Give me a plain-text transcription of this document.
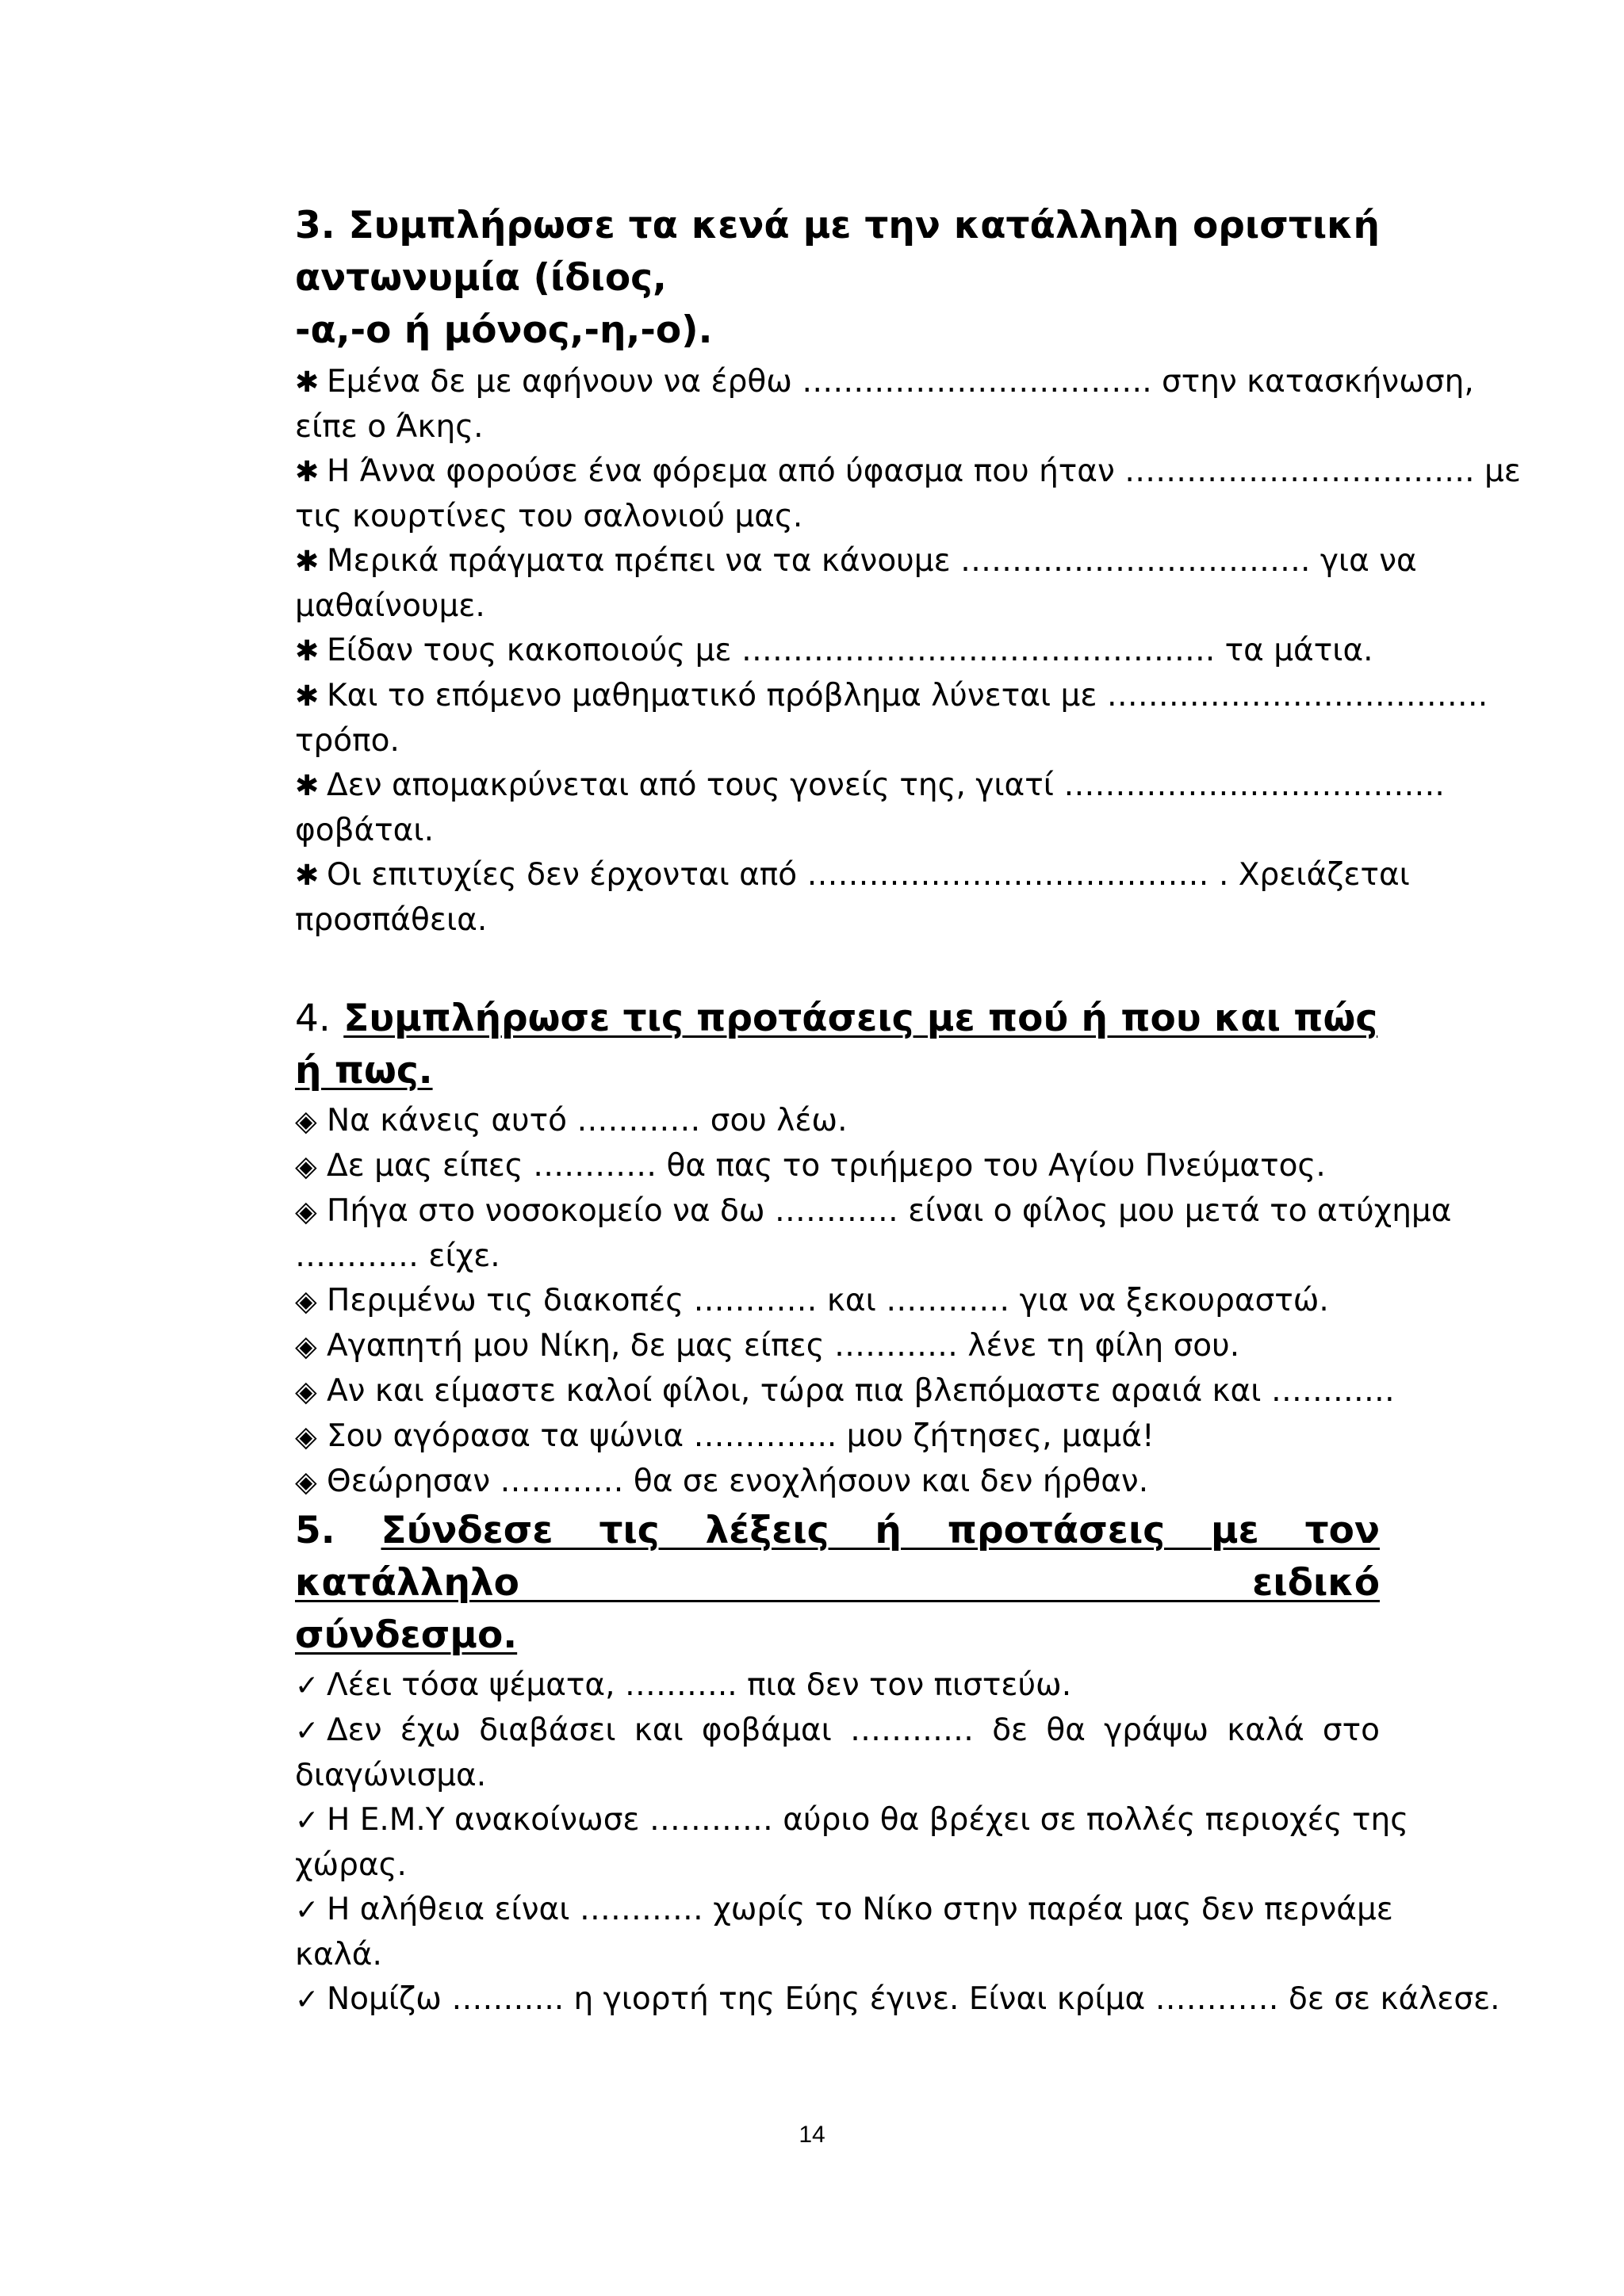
3. Συμπλήρωσε τα κενά με την κατάλληλη οριστική

αντωνυμία (ίδιος,

-α,-ο ή μόνος,-η,-ο).

✱ Εμένα δε με αφήνουν να έρθω ……………………………. στην κατασκήνωση,

είπε ο Άκης.

✱ Η Άννα φορούσε ένα φόρεμα από ύφασμα που ήταν ……………………………. με

τις κουρτίνες του σαλονιού μας.

✱ Μερικά πράγματα πρέπει να τα κάνουμε ……………………………. για να

μαθαίνουμε.

✱ Είδαν τους κακοποιούς με ………………………………………. τα μάτια.

✱ Και το επόμενο μαθηματικό πρόβλημα λύνεται με ……………………………….

τρόπο.

✱ Δεν απομακρύνεται από τους γονείς της, γιατί ……………………………….

φοβάται.

✱ Οι επιτυχίες δεν έρχονται από ………………………………… . Χρειάζεται

προσπάθεια.

4. Συμπλήρωσε τις προτάσεις με πού ή που και πώς ή πως.

◈ Να κάνεις αυτό ………… σου λέω.

◈ Δε μας είπες ………… θα πας το τριήμερο του Αγίου Πνεύματος.

◈ Πήγα στο νοσοκομείο να δω ………… είναι ο φίλος μου μετά το ατύχημα

………… είχε.

◈ Περιμένω τις διακοπές ………… και ………… για να ξεκουραστώ.

◈ Αγαπητή μου Νίκη, δε μας είπες ………… λένε τη φίλη σου.

◈ Αν και είμαστε καλοί φίλοι, τώρα πια βλεπόμαστε αραιά και …………

◈ Σου αγόρασα τα ψώνια ………….. μου ζήτησες, μαμά!

◈ Θεώρησαν ………… θα σε ενοχλήσουν και δεν ήρθαν.

5. Σύνδεσε τις λέξεις ή προτάσεις με τον κατάλληλο ειδικό

σύνδεσμο.

✓ Λέει τόσα ψέματα, ……….. πια δεν τον πιστεύω.

✓ Δεν έχω διαβάσει και φοβάμαι ………… δε θα γράψω καλά στο

διαγώνισμα.

✓ Η Ε.Μ.Υ ανακοίνωσε ………… αύριο θα βρέχει σε πολλές περιοχές της

χώρας.

✓ Η αλήθεια είναι ………… χωρίς το Νίκο στην παρέα μας δεν περνάμε

καλά.

✓ Νομίζω ……….. η γιορτή της Εύης έγινε. Είναι κρίμα ………… δε σε κάλεσε.

14
